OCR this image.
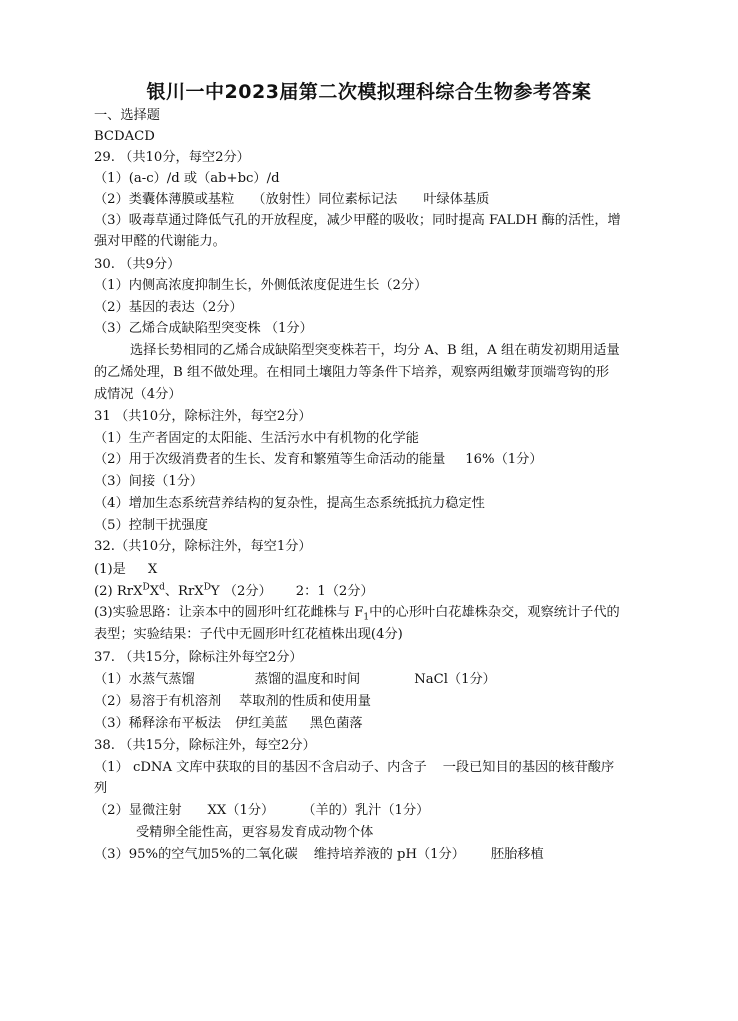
银川一中2023届第二次模拟理科综合生物参考答案
一、选择题
BCDACD
29. （共10分，每空2分）
（1）(a-c）/d 或（ab+bc）/d
（2）类囊体薄膜或基粒 （放射性）同位素标记法 叶绿体基质
（3）吸毒草通过降低气孔的开放程度，减少甲醛的吸收；同时提高 FALDH 酶的活性，增
强对甲醛的代谢能力。
30. （共9分）
（1）内侧高浓度抑制生长，外侧低浓度促进生长（2分）
（2）基因的表达（2分）
（3）乙烯合成缺陷型突变株 （1分）
选择长势相同的乙烯合成缺陷型突变株若干，均分 A、B 组，A 组在萌发初期用适量
的乙烯处理，B 组不做处理。在相同土壤阻力等条件下培养，观察两组嫩芽顶端弯钩的形
成情况（4分）
31 （共10分，除标注外，每空2分）
（1）生产者固定的太阳能、生活污水中有机物的化学能
（2）用于次级消费者的生长、发育和繁殖等生命活动的能量 16%（1分）
（3）间接（1分）
（4）增加生态系统营养结构的复杂性，提高生态系统抵抗力稳定性
（5）控制干扰强度
32.（共10分，除标注外，每空1分）
(1)是 X
(2) $RrX^DX^d$、RrX$^D$Y （2分） 2：1（2分）
(3)实验思路：让亲本中的圆形叶红花雌株与 $F_1$中的心形叶白花雄株杂交，观察统计子代的
表型；实验结果：子代中无圆形叶红花植株出现(4分)
37. （共15分，除标注外每空2分）
（1）水蒸气蒸馏	蒸馏的温度和时间	NaCl（1分）
（2）易溶于有机溶剂 萃取剂的性质和使用量
（3）稀释涂布平板法 伊红美蓝 黑色菌落
38. （共15分，除标注外，每空2分）
（1） cDNA 文库中获取的目的基因不含启动子、内含子 一段已知目的基因的核苷酸序
列
（2）显微注射 XX（1分） （羊的）乳汁（1分）
受精卵全能性高，更容易发育成动物个体
（3）95%的空气加5%的二氧化碳 维持培养液的 pH（1分） 胚胎移植
